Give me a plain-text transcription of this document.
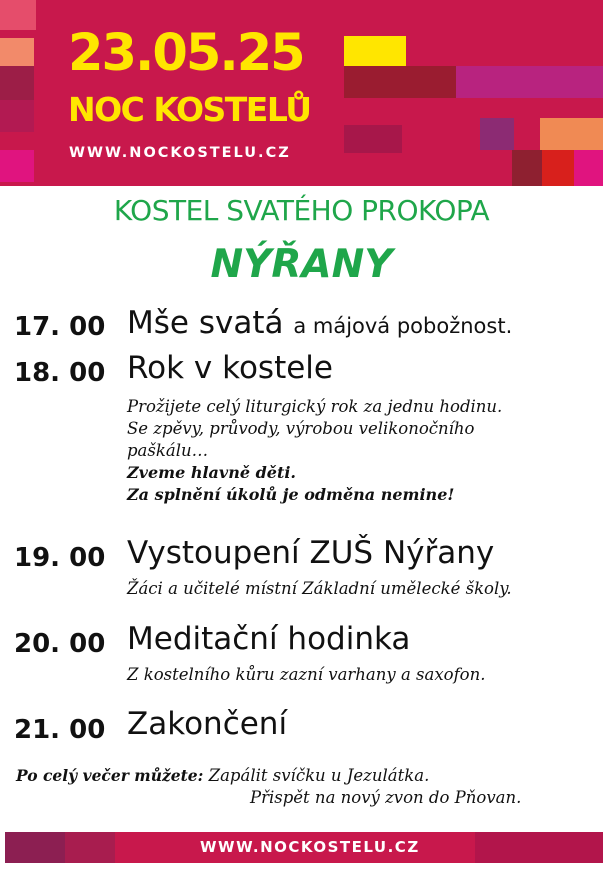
23.05.25
NOC KOSTELŮ
WWW.NOCKOSTELU.CZ
KOSTEL SVATÉHO PROKOPA
NÝŘANY
17. 00 Mše svatá a májová pobožnost.
18. 00 Rok v kostele
Prožijete celý liturgický rok za jednu hodinu.
Se zpěvy, průvody, výrobou velikonočního
paškálu…
Zveme hlavně děti.
Za splnění úkolů je odměna nemine!
19. 00 Vystoupení ZUŠ Nýřany
Žáci a učitelé místní Základní umělecké školy.
20. 00 Meditační hodinka
Z kostelního kůru zazní varhany a saxofon.
21. 00 Zakončení
Po celý večer můžete: Zapálit svíčku u Jezulátka.
Přispět na nový zvon do Pňovan.
WWW.NOCKOSTELU.CZ
